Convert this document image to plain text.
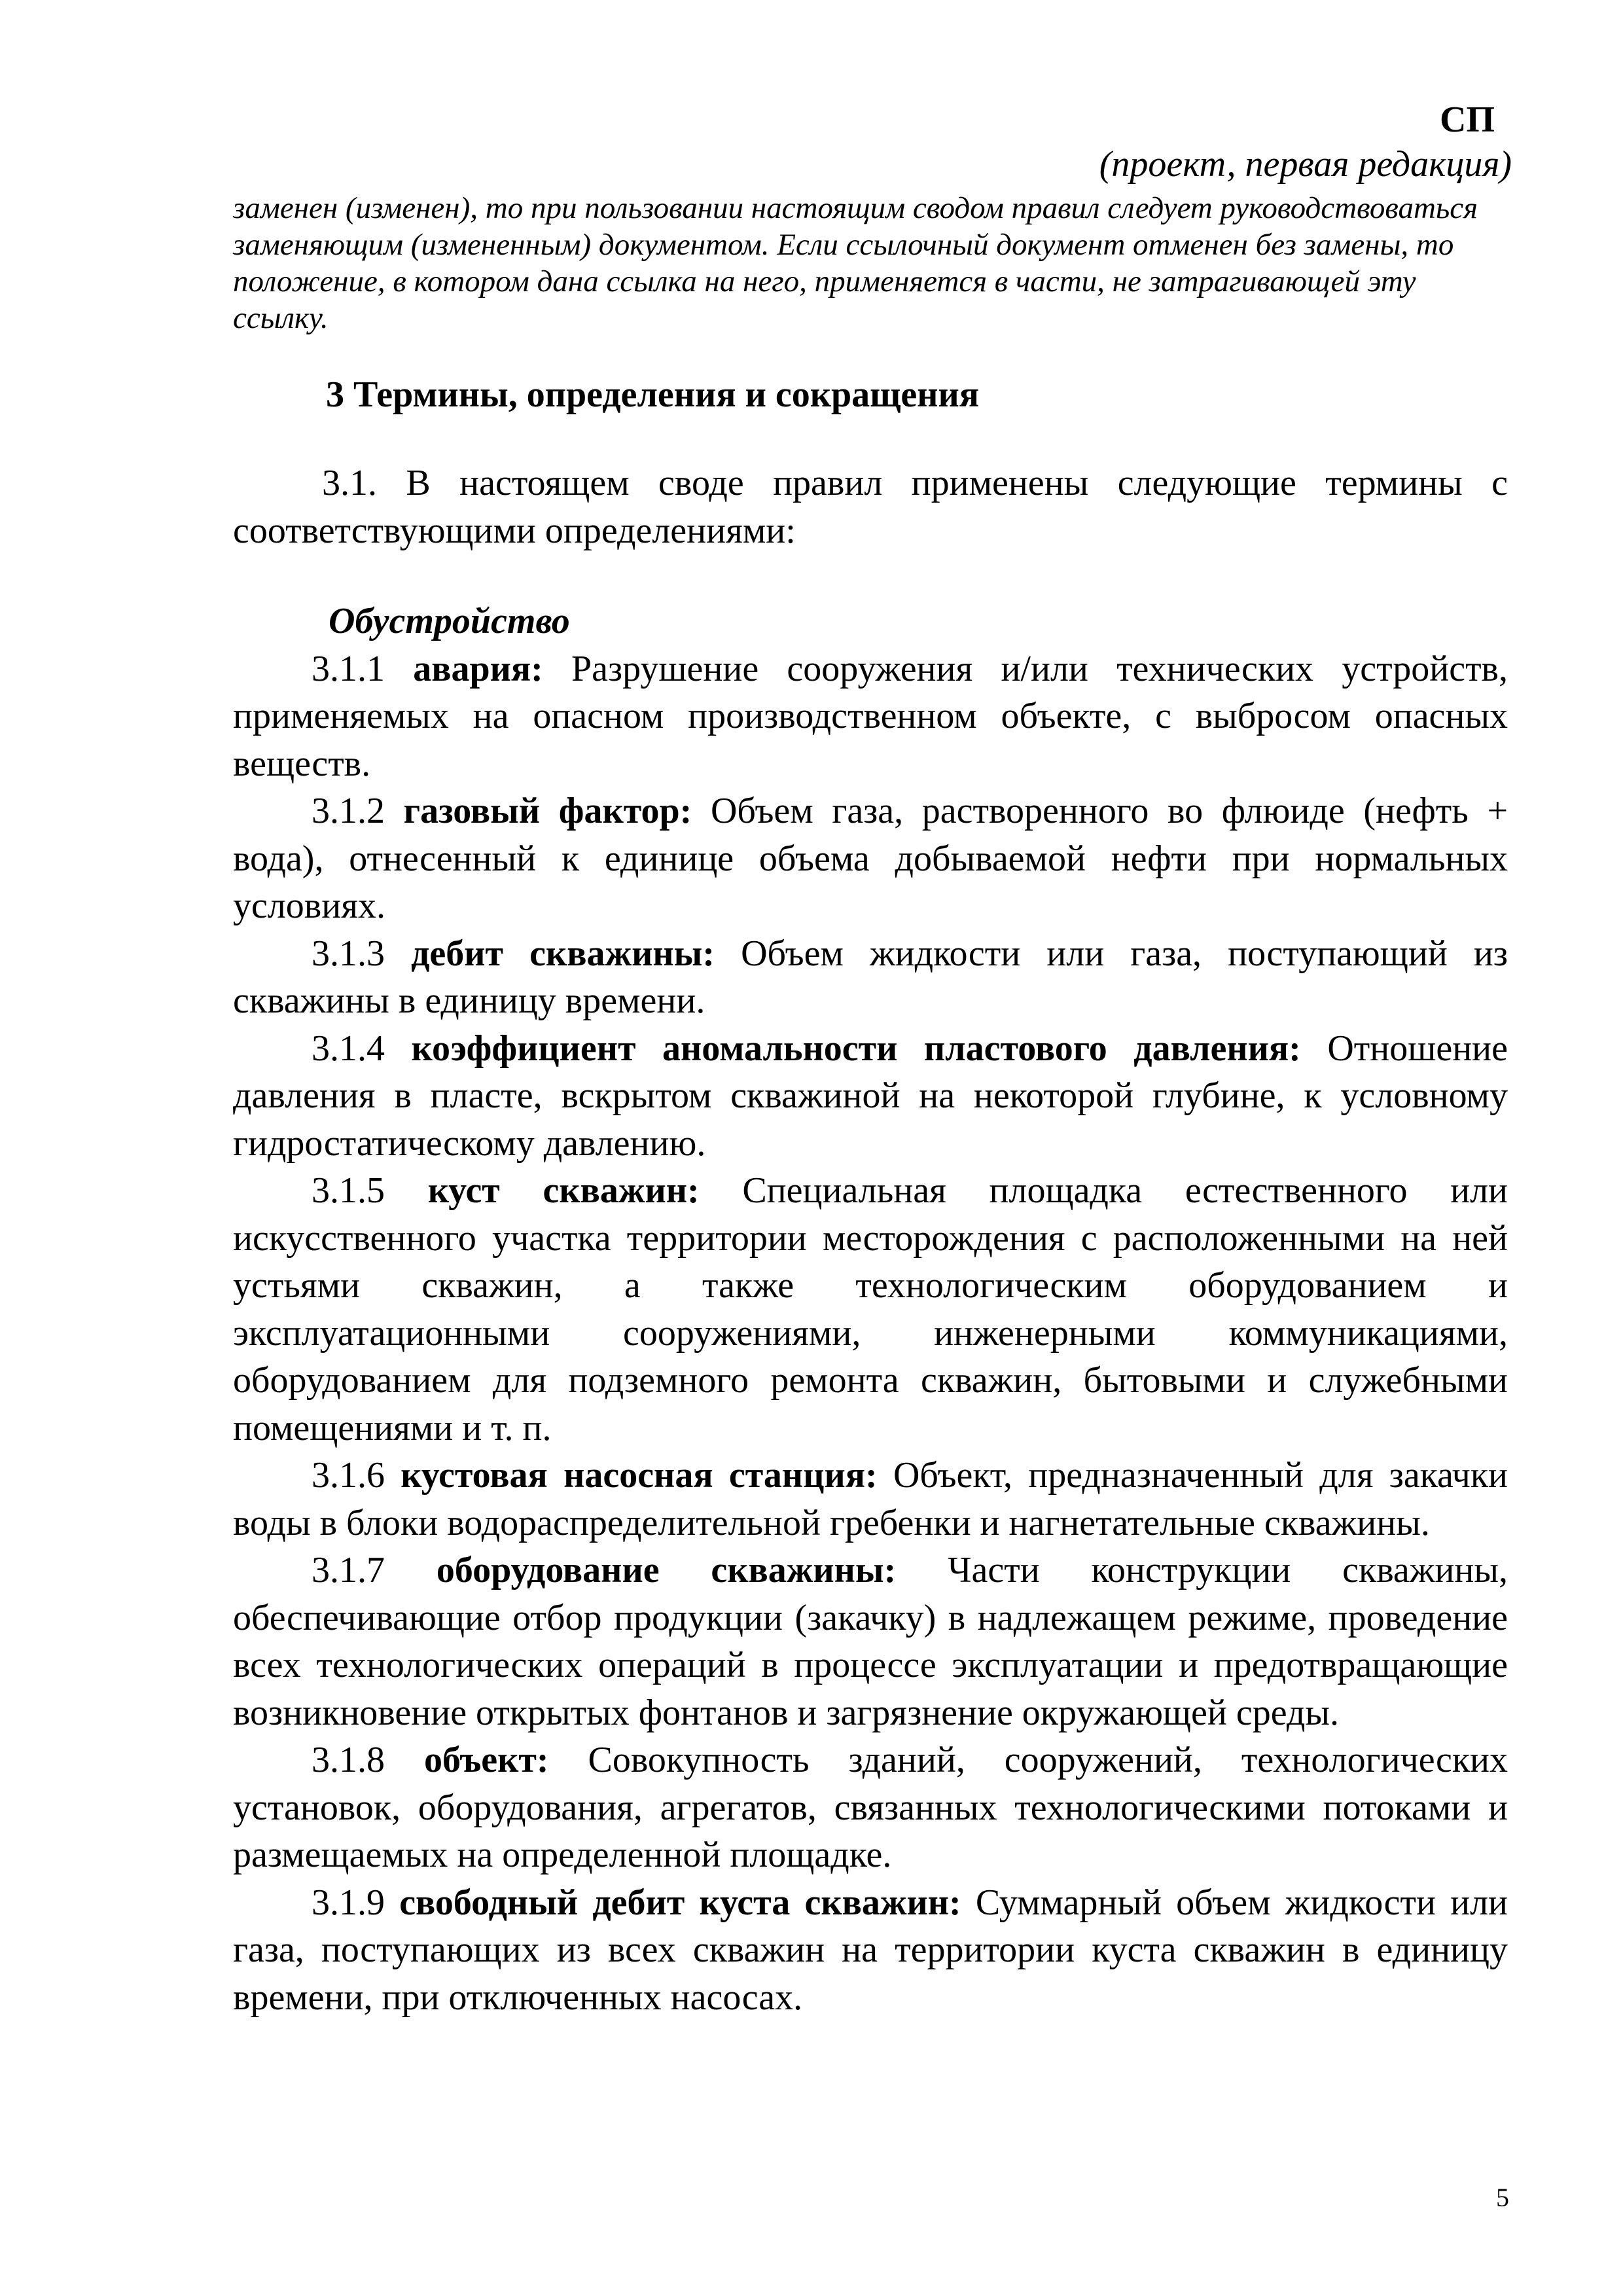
СП
(проект, первая редакция)

заменен (изменен), то при пользовании настоящим сводом правил следует руководствоваться заменяющим (измененным) документом. Если ссылочный документ отменен без замены, то положение, в котором дана ссылка на него, применяется в части, не затрагивающей эту ссылку.

3 Термины, определения и сокращения

3.1. В настоящем своде правил применены следующие термины с соответствующими определениями:

Обустройство

3.1.1 авария: Разрушение сооружения и/или технических устройств, применяемых на опасном производственном объекте, с выбросом опасных веществ.

3.1.2 газовый фактор: Объем газа, растворенного во флюиде (нефть + вода), отнесенный к единице объема добываемой нефти при нормальных условиях.

3.1.3 дебит скважины: Объем жидкости или газа, поступающий из скважины в единицу времени.

3.1.4 коэффициент аномальности пластового давления: Отношение давления в пласте, вскрытом скважиной на некоторой глубине, к условному гидростатическому давлению.

3.1.5 куст скважин: Специальная площадка естественного или искусственного участка территории месторождения с расположенными на ней устьями скважин, а также технологическим оборудованием и эксплуатационными сооружениями, инженерными коммуникациями, оборудованием для подземного ремонта скважин, бытовыми и служебными помещениями и т. п.

3.1.6 кустовая насосная станция: Объект, предназначенный для закачки воды в блоки водораспределительной гребенки и нагнетательные скважины.

3.1.7 оборудование скважины: Части конструкции скважины, обеспечивающие отбор продукции (закачку) в надлежащем режиме, проведение всех технологических операций в процессе эксплуатации и предотвращающие возникновение открытых фонтанов и загрязнение окружающей среды.

3.1.8 объект: Совокупность зданий, сооружений, технологических установок, оборудования, агрегатов, связанных технологическими потоками и размещаемых на определенной площадке.

3.1.9 свободный дебит куста скважин: Суммарный объем жидкости или газа, поступающих из всех скважин на территории куста скважин в единицу времени, при отключенных насосах.

5
